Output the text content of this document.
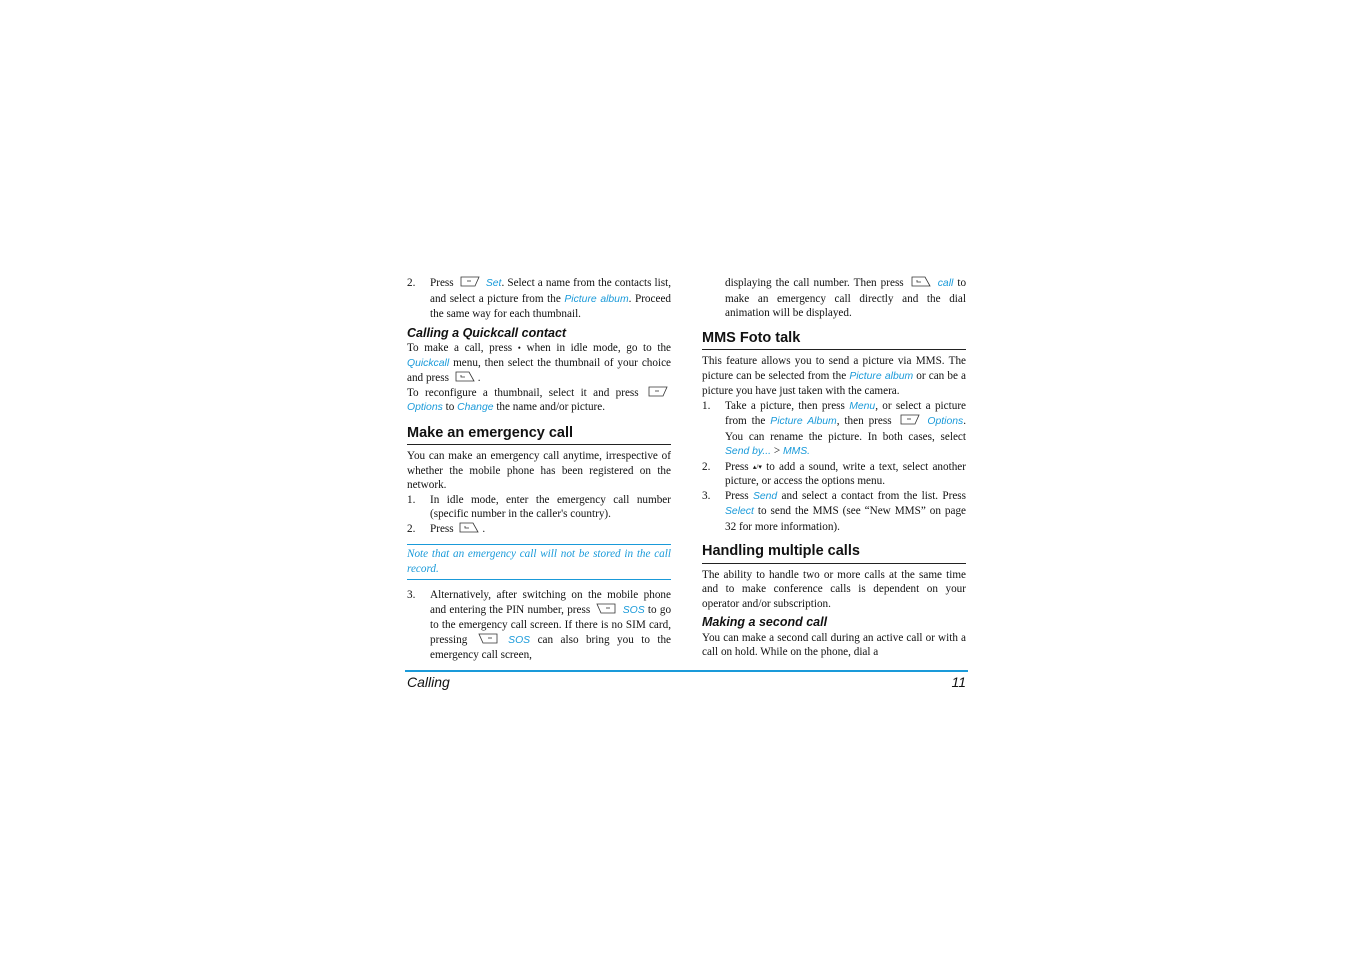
2.	Press	Set. Select a name from the contacts list, and select a picture from the Picture album. Proceed the same way for each thumbnail.
Calling a Quickcall contact

To make a call, press • when in idle mode, go to the Quickcall menu, then select the thumbnail of your choice and press	.

To reconfigure a thumbnail, select it and press
Options to Change the name and/or picture.

Make an emergency call

You can make an emergency call anytime, irrespective of whether the mobile phone has been registered on the network.

1.	In idle mode, enter the emergency call number (specific number in the caller's country).
2.	Press	.
Note that an emergency call will not be stored in the call record.
3.	Alternatively, after switching on the mobile phone and entering the PIN number, press	SOS to go to the emergency call screen. If there is no SIM card, pressing	SOS can also bring you to the emergency call screen,
displaying the call number. Then press	call to make an emergency call directly and the dial animation will be displayed.
MMS Foto talk

This feature allows you to send a picture via MMS. The picture can be selected from the Picture album or can be a picture you have just taken with the camera.

1.	Take a picture, then press Menu, or select a picture from the Picture Album, then press	Options. You can rename the picture. In both cases, select Send by... > MMS.
2.	Press ▴/▾ to add a sound, write a text, select another picture, or access the options menu.
3.	Press Send and select a contact from the list. Press Select to send the MMS (see “New MMS” on page 32 for more information).
Handling multiple calls

The ability to handle two or more calls at the same time and to make conference calls is dependent on your operator and/or subscription.

Making a second call

You can make a second call during an active call or with a call on hold. While on the phone, dial a

Calling	11
